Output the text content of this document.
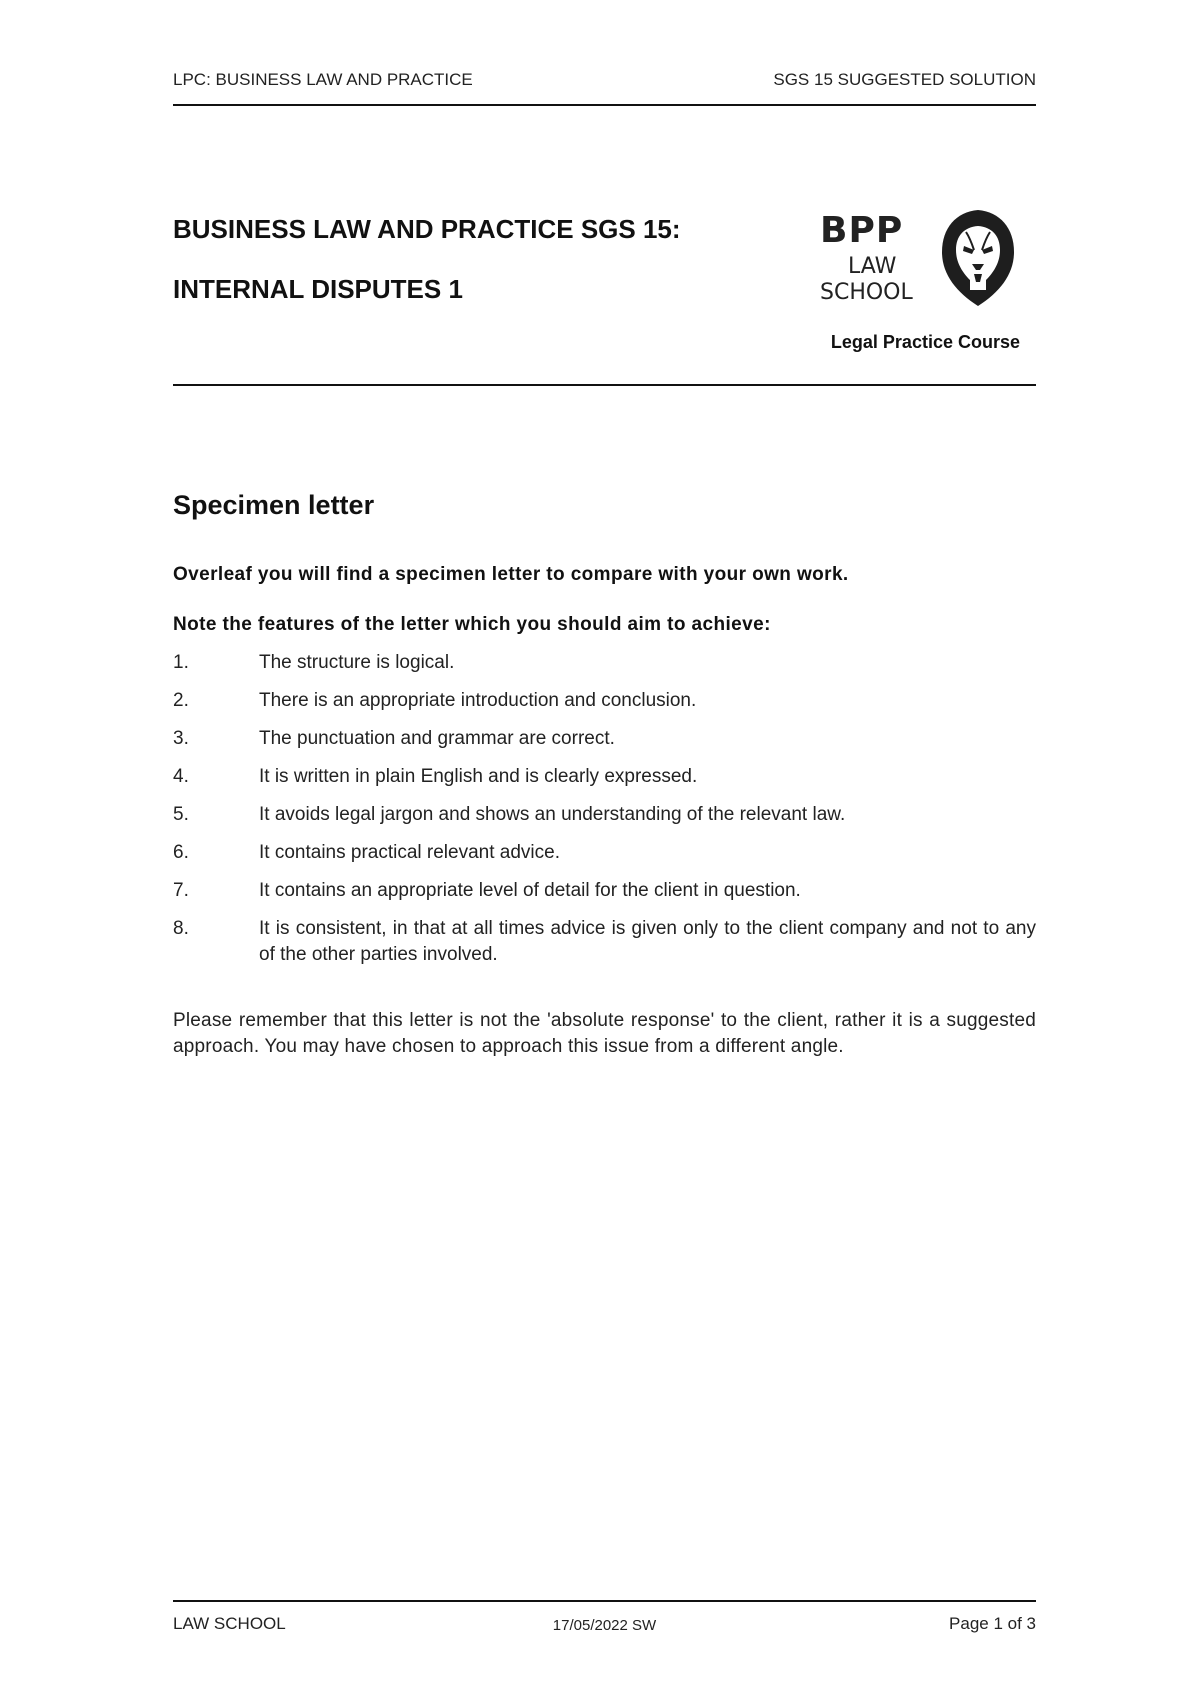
LPC: BUSINESS LAW AND PRACTICE	SGS 15 SUGGESTED SOLUTION
BUSINESS LAW AND PRACTICE SGS 15:
INTERNAL DISPUTES 1
BPP
LAW
SCHOOL
Legal Practice Course
Specimen letter

Overleaf you will find a specimen letter to compare with your own work.

Note the features of the letter which you should aim to achieve:

1.	The structure is logical.
2.	There is an appropriate introduction and conclusion.
3.	The punctuation and grammar are correct.
4.	It is written in plain English and is clearly expressed.
5.	It avoids legal jargon and shows an understanding of the relevant law.
6.	It contains practical relevant advice.
7.	It contains an appropriate level of detail for the client in question.
8.	It is consistent, in that at all times advice is given only to the client company and not to any of the other parties involved.

Please remember that this letter is not the 'absolute response' to the client, rather it is a suggested approach. You may have chosen to approach this issue from a different angle.

LAW SCHOOL	17/05/2022 SW	Page 1 of 3
